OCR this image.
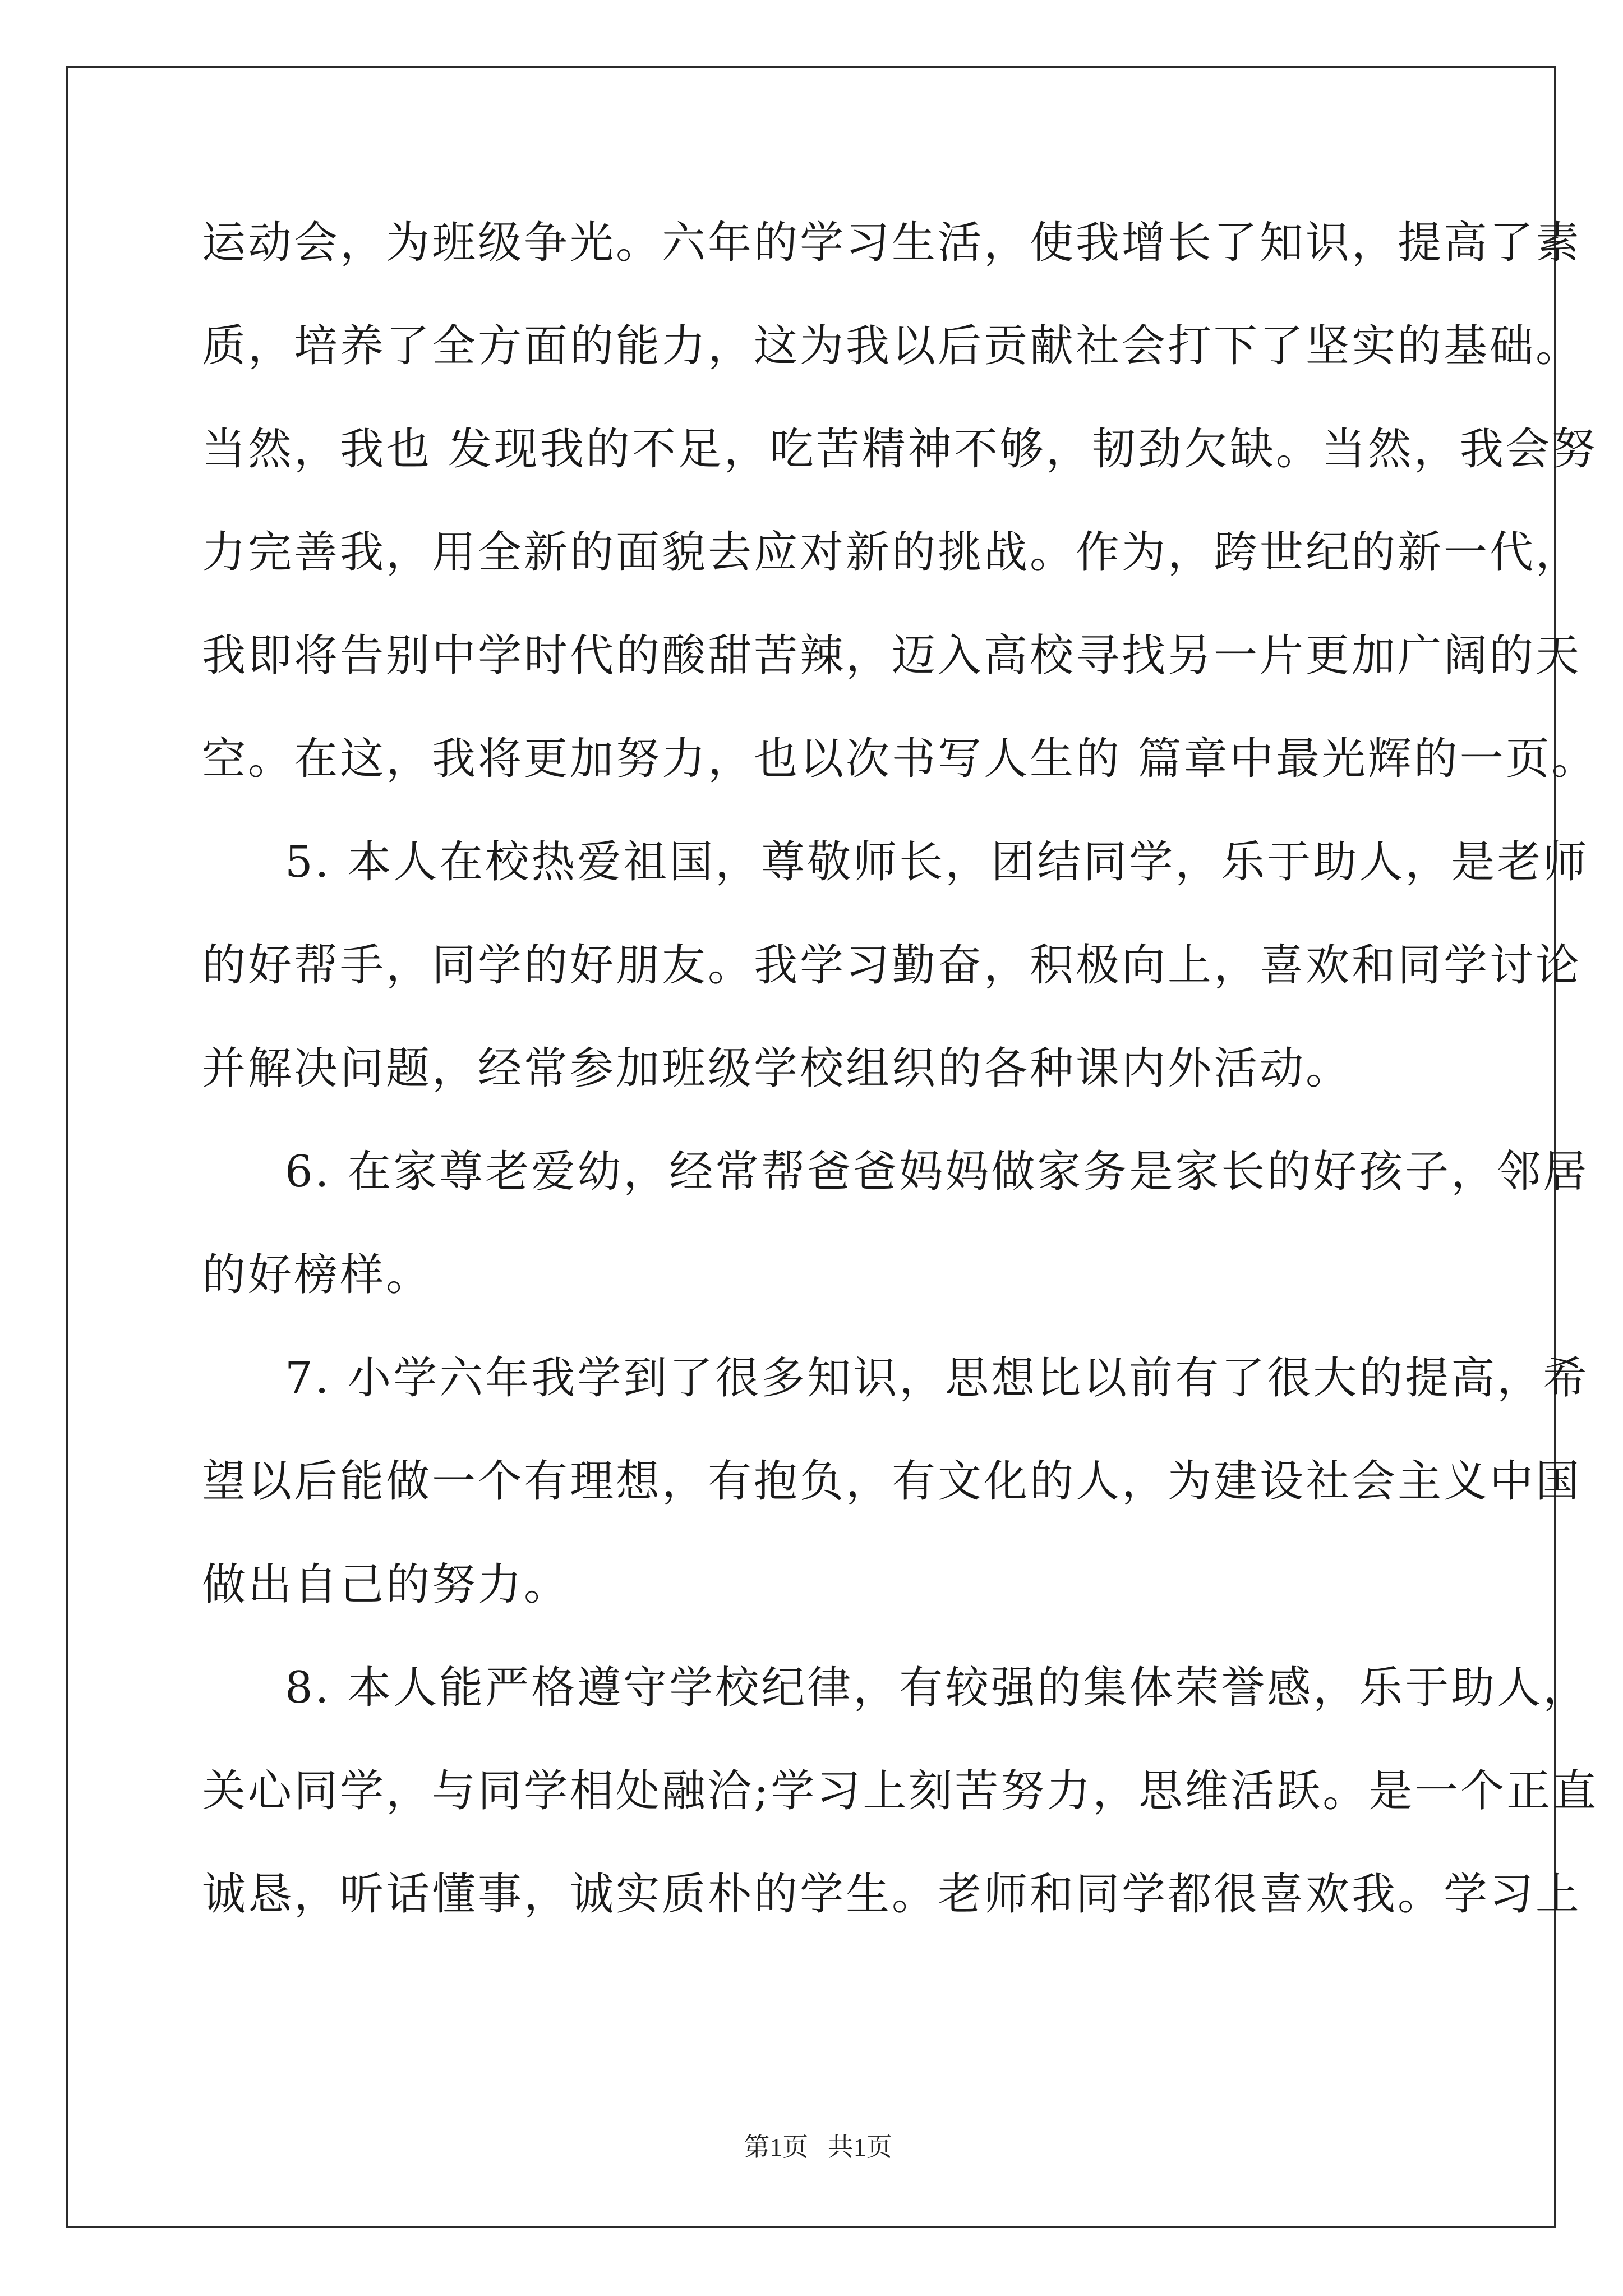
运动会，为班级争光。六年的学习生活，使我增长了知识，提高了素
质，培养了全方面的能力，这为我以后贡献社会打下了坚实的基础。
当然，我也 发现我的不足，吃苦精神不够，韧劲欠缺。当然，我会努
力完善我，用全新的面貌去应对新的挑战。作为，跨世纪的新一代，
我即将告别中学时代的酸甜苦辣，迈入高校寻找另一片更加广阔的天
空。在这，我将更加努力，也以次书写人生的 篇章中最光辉的一页。
5. 本人在校热爱祖国，尊敬师长，团结同学，乐于助人，是老师
的好帮手，同学的好朋友。我学习勤奋，积极向上，喜欢和同学讨论
并解决问题，经常参加班级学校组织的各种课内外活动。
6. 在家尊老爱幼，经常帮爸爸妈妈做家务是家长的好孩子，邻居
的好榜样。
7. 小学六年我学到了很多知识，思想比以前有了很大的提高，希
望以后能做一个有理想，有抱负，有文化的人，为建设社会主义中国
做出自己的努力。
8. 本人能严格遵守学校纪律，有较强的集体荣誉感，乐于助人，
关心同学，与同学相处融洽;学习上刻苦努力，思维活跃。是一个正直
诚恳，听话懂事，诚实质朴的学生。老师和同学都很喜欢我。学习上

第1页   共1页
